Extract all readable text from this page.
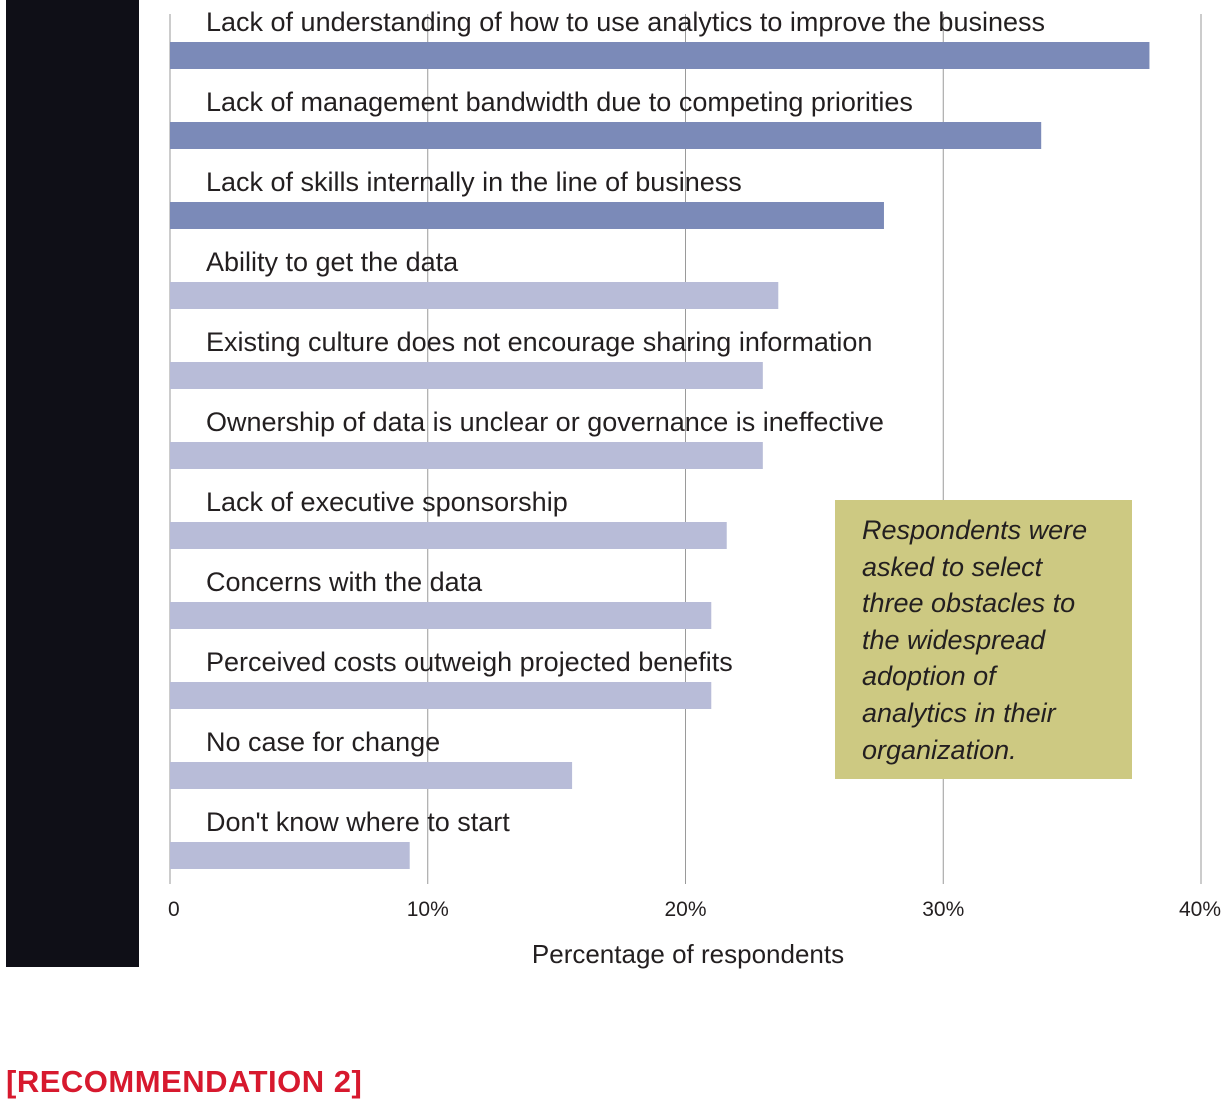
Lack of understanding of how to use analytics to improve the business
Lack of management bandwidth due to competing priorities
Lack of skills internally in the line of business
Ability to get the data
Existing culture does not encourage sharing information
Ownership of data is unclear or governance is ineffective
Lack of executive sponsorship
Concerns with the data
Perceived costs outweigh projected benefits
No case for change
Don't know where to start
0	10%	20%	30%	40%
Percentage of respondents
Respondents were
asked to select
three obstacles to
the widespread
adoption of
analytics in their
organization.
[RECOMMENDATION 2]
